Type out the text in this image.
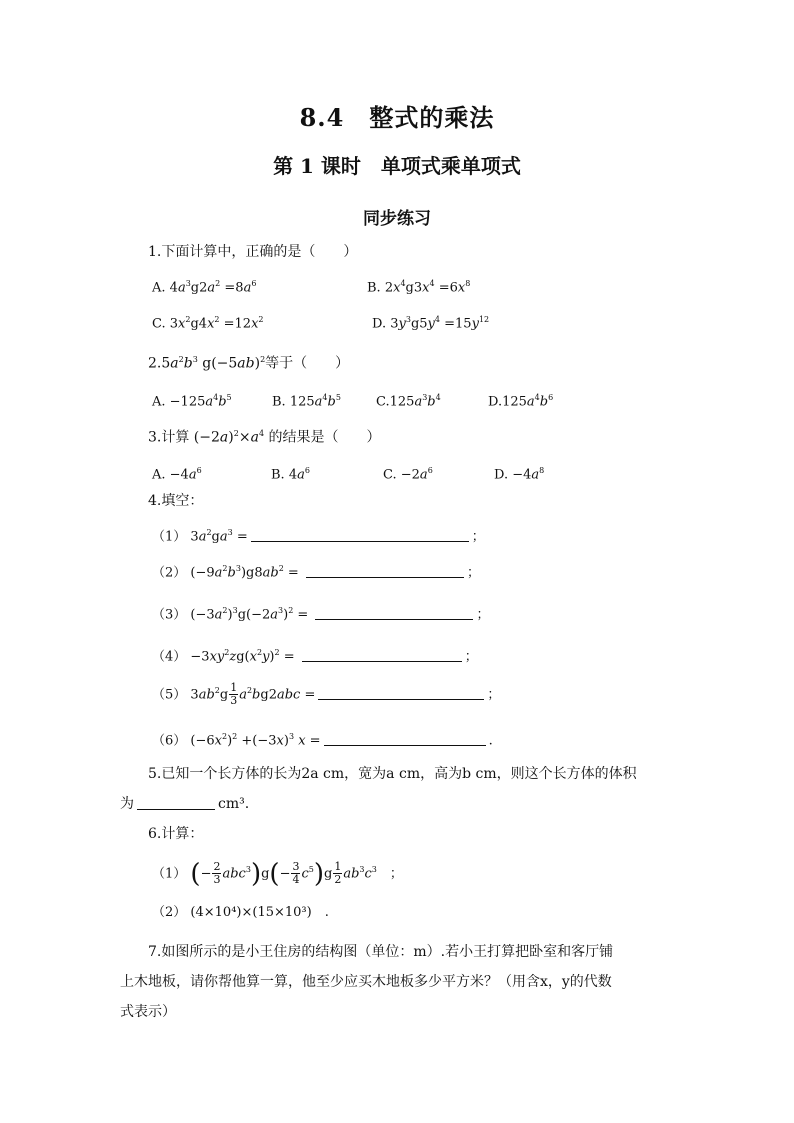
8.4　整式的乘法
第 1 课时　单项式乘单项式
同步练习
1.下面计算中，正确的是（　　）
A. $4a^3g2a^2 =8a^6$	B. $2x^4g3x^4 =6x^8$
C. $3x^2g4x^2 =12x^2$	D. $3y^3g5y^4 =15y^{12}$
$2.5a^2b^3$ $g(-5ab)^2$等于（　　）
A. $-125a^4b^5$	B. $125a^4b^5$	$C.125a^3b^4$	$D.125a^4b^6$
3.计算 $(-2a)^2\times a^4$ 的结果是（　　）
A. $-4a^6$	B. $4a^6$	C. $-2a^6$	D. $-4a^8$
4.填空：
（1） $3a^2ga^3$ =	；
（2） $(-9a^2b^3)g8ab^2$ =	；
（3） $(-3a^2)^3g(-2a^3)^2$ =	；
$(4) -3xy^2zg(x^2y)^2$ =	；
（5） $3ab^2g \frac{1}{3} a^2bg2abc$ =	；
（6） $(-6x^2)^2 +(-3x)^3$ x =	.
5.已知一个长方体的长为2a cm，宽为a cm，高为b cm，则这个长方体的体积
为	cm³.
6.计算：
（1） (− $\frac{2}{3} abc^3)g(- \frac{3}{4} c^5)g \frac{1}{2} ab^3c^3$　；
（2） (4×10⁴)×(15×10³)　.
7.如图所示的是小王住房的结构图（单位：m）.若小王打算把卧室和客厅铺
上木地板，请你帮他算一算，他至少应买木地板多少平方米？（用含x，y的代数
式表示）
